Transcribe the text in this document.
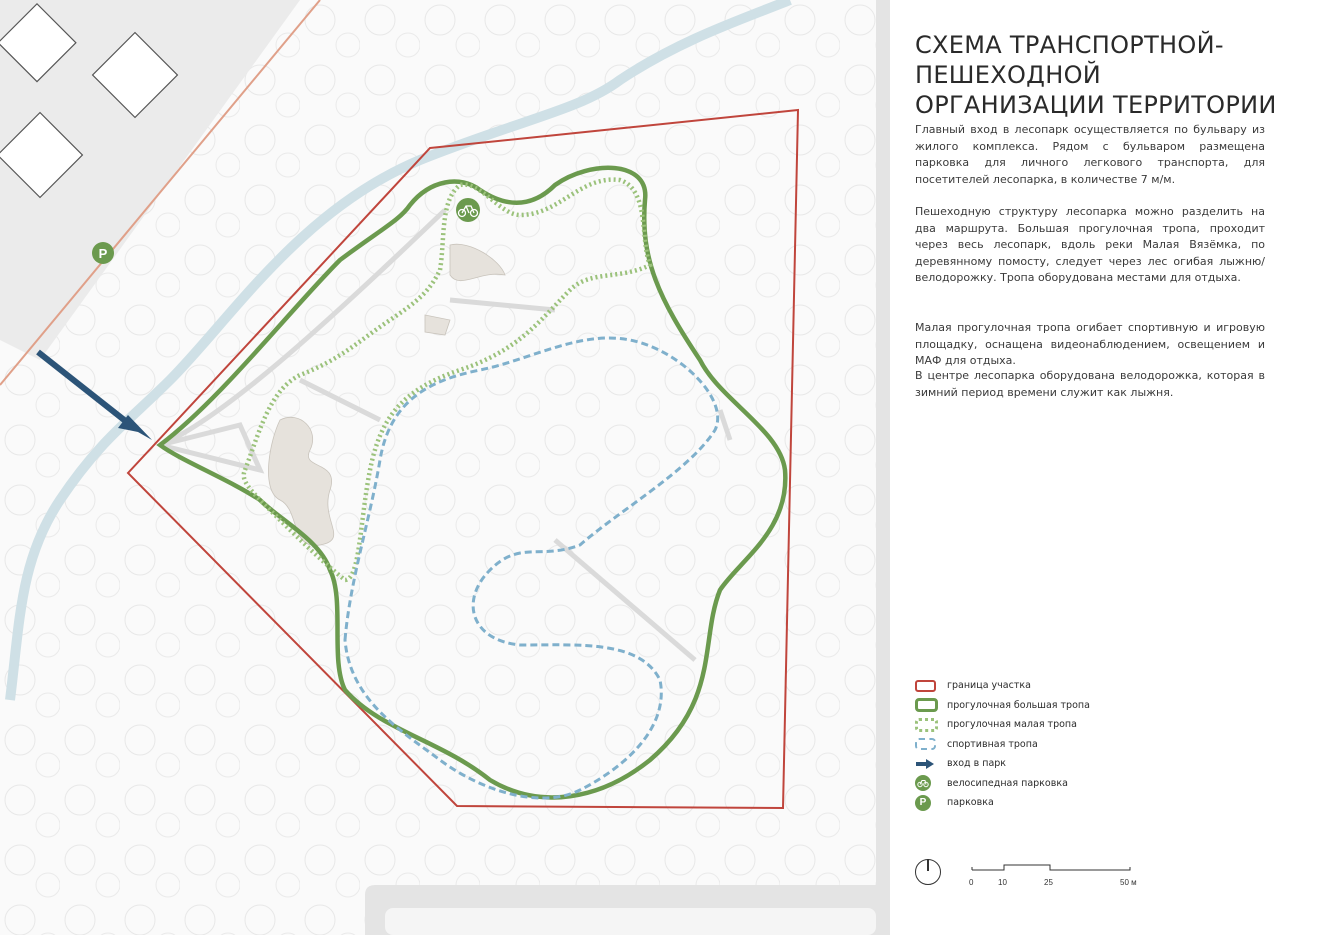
P
СХЕМА ТРАНСПОРТНОЙ-ПЕШЕХОДНОЙ ОРГАНИЗАЦИИ ТЕРРИТОРИИ
Главный вход в лесопарк осуществляется по бульвару из жилого комплекса. Рядом с бульваром размещена парковка для личного легкового транспорта, для посетителей лесопарка, в количестве 7 м/м.
Пешеходную структуру лесопарка можно разделить на два маршрута. Большая прогулочная тропа, проходит через весь лесопарк, вдоль реки Малая Вязёмка, по деревянному помосту, следует через лес огибая лыжню/ велодорожку. Тропа оборудована местами для отдыха.
Малая прогулочная тропа огибает спортивную и игровую площадку, оснащена видеонаблюдением, освещением и МАФ для отдыха.
В центре лесопарка оборудована велодорожка, которая в зимний период времени служит как лыжня.
граница участка
прогулочная большая тропа
прогулочная малая тропа
спортивная тропа
вход в парк
велосипедная парковка
P	парковка
0	10	25	50 м
